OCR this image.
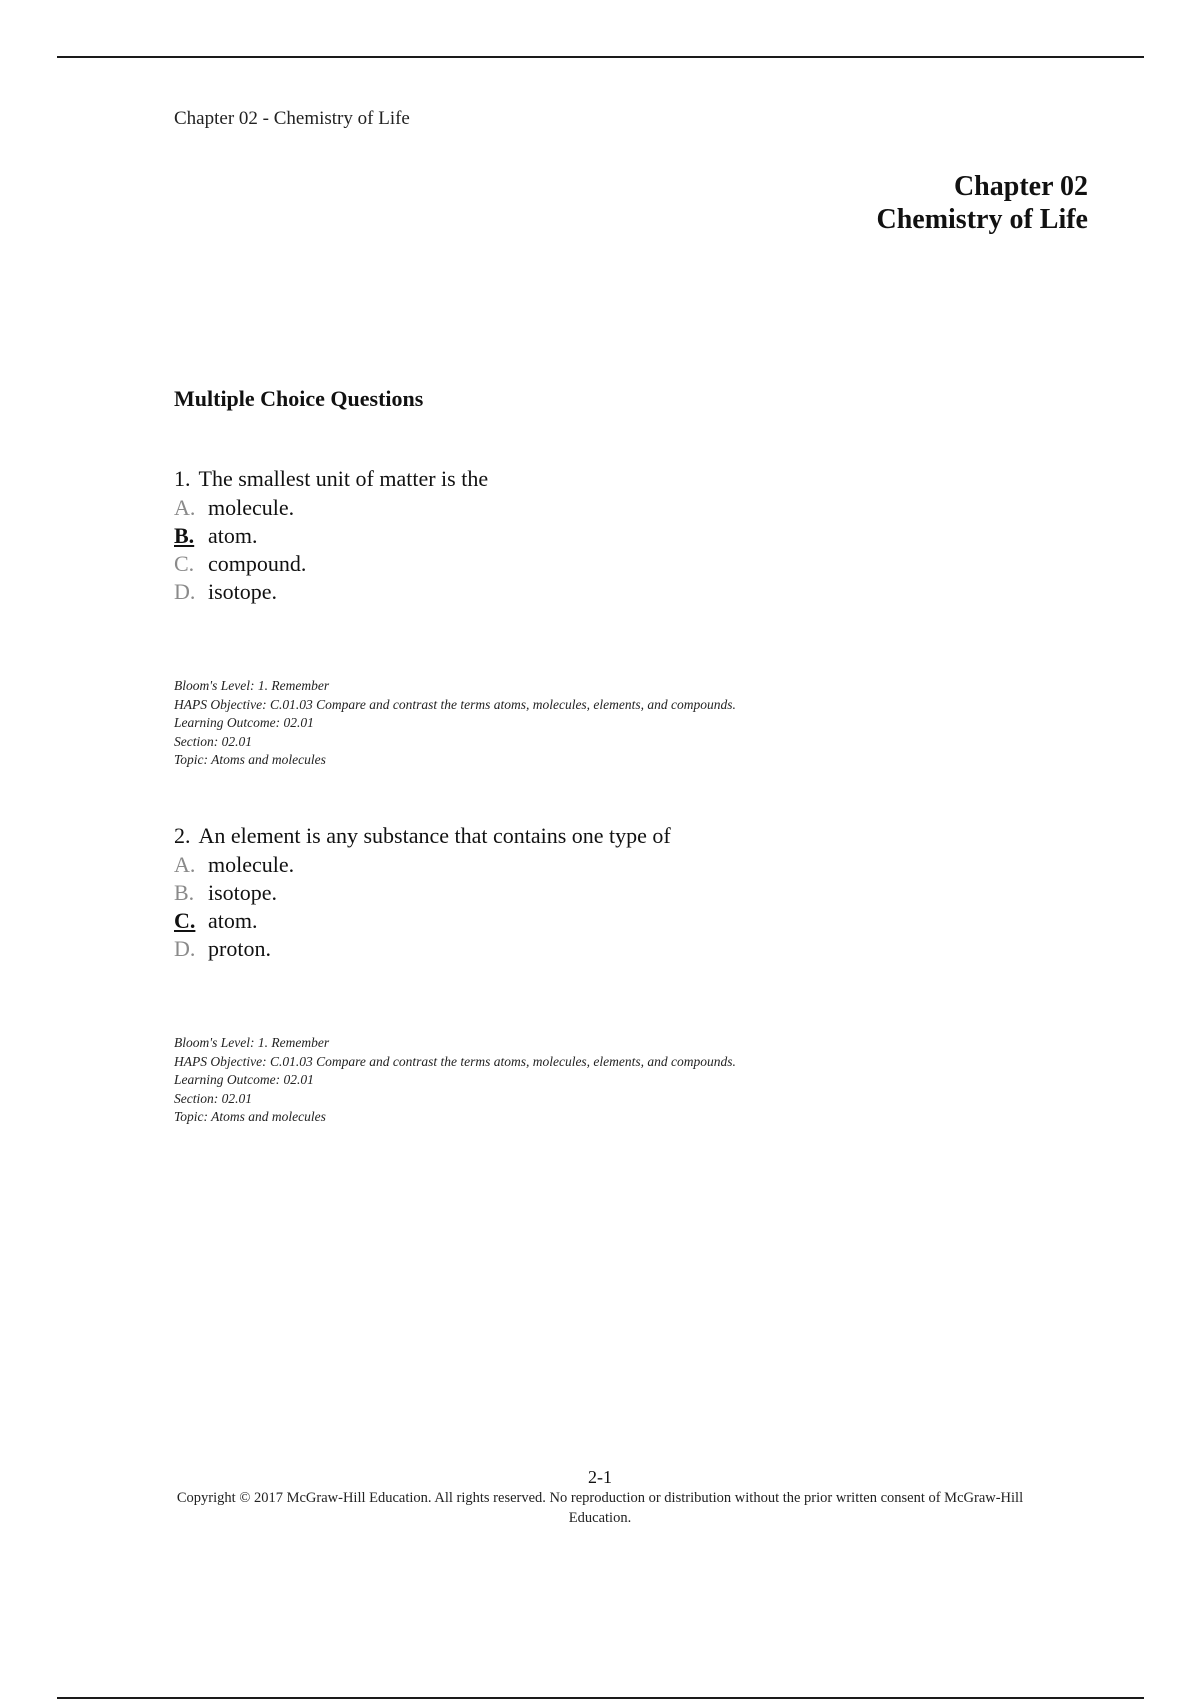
Chapter 02 - Chemistry of Life
Chapter 02
Chemistry of Life
Multiple Choice Questions
1. The smallest unit of matter is the
A. molecule.
B. atom.
C. compound.
D. isotope.
Bloom's Level: 1. Remember
HAPS Objective: C.01.03 Compare and contrast the terms atoms, molecules, elements, and compounds.
Learning Outcome: 02.01
Section: 02.01
Topic: Atoms and molecules
2. An element is any substance that contains one type of
A. molecule.
B. isotope.
C. atom.
D. proton.
Bloom's Level: 1. Remember
HAPS Objective: C.01.03 Compare and contrast the terms atoms, molecules, elements, and compounds.
Learning Outcome: 02.01
Section: 02.01
Topic: Atoms and molecules
2-1
Copyright © 2017 McGraw-Hill Education. All rights reserved. No reproduction or distribution without the prior written consent of McGraw-Hill Education.
